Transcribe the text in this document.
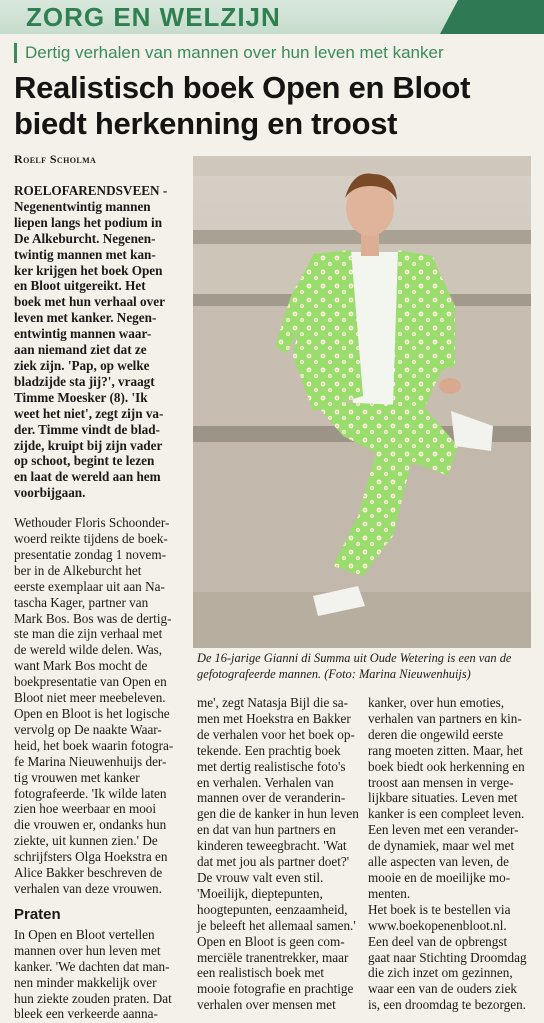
ZORG EN WELZIJN
Dertig verhalen van mannen over hun leven met kanker
Realistisch boek Open en Bloot biedt herkenning en troost
Roelf Scholma
ROELOFARENDSVEEN -
Negenentwintig mannen
liepen langs het podium in
De Alkeburcht. Negenen-
twintig mannen met kan-
ker krijgen het boek Open
en Bloot uitgereikt. Het
boek met hun verhaal over
leven met kanker. Negen-
entwintig mannen waar-
aan niemand ziet dat ze
ziek zijn. 'Pap, op welke
bladzijde sta jij?', vraagt
Timme Moesker (8). 'Ik
weet het niet', zegt zijn va-
der. Timme vindt de blad-
zijde, kruipt bij zijn vader
op schoot, begint te lezen
en laat de wereld aan hem
voorbijgaan.
Wethouder Floris Schoonder-
woerd reikte tijdens de boek-
presentatie zondag 1 novem-
ber in de Alkeburcht het
eerste exemplaar uit aan Na-
tascha Kager, partner van
Mark Bos. Bos was de dertig-
ste man die zijn verhaal met
de wereld wilde delen. Was,
want Mark Bos mocht de
boekpresentatie van Open en
Bloot niet meer meebeleven.
Open en Bloot is het logische
vervolg op De naakte Waar-
heid, het boek waarin fotogra-
fe Marina Nieuwenhuijs der-
tig vrouwen met kanker
fotografeerde. 'Ik wilde laten
zien hoe weerbaar en mooi
die vrouwen er, ondanks hun
ziekte, uit kunnen zien.' De
schrijfsters Olga Hoekstra en
Alice Bakker beschreven de
verhalen van deze vrouwen.
Praten
In Open en Bloot vertellen
mannen over hun leven met
kanker. 'We dachten dat man-
nen minder makkelijk over
hun ziekte zouden praten. Dat
bleek een verkeerde aanna-
De 16-jarige Gianni di Summa uit Oude Wetering is een van de gefotografeerde mannen. (Foto: Marina Nieuwenhuijs)
me', zegt Natasja Bijl die sa-
men met Hoekstra en Bakker
de verhalen voor het boek op-
tekende. Een prachtig boek
met dertig realistische foto's
en verhalen. Verhalen van
mannen over de veranderin-
gen die de kanker in hun leven
en dat van hun partners en
kinderen teweegbracht. 'Wat
dat met jou als partner doet?'
De vrouw valt even stil.
'Moeilijk, dieptepunten,
hoogtepunten, eenzaamheid,
je beleeft het allemaal samen.'
Open en Bloot is geen com-
merciële tranentrekker, maar
een realistisch boek met
mooie fotografie en prachtige
verhalen over mensen met
kanker, over hun emoties,
verhalen van partners en kin-
deren die ongewild eerste
rang moeten zitten. Maar, het
boek biedt ook herkenning en
troost aan mensen in verge-
lijkbare situaties. Leven met
kanker is een compleet leven.
Een leven met een verander-
de dynamiek, maar wel met
alle aspecten van leven, de
mooie en de moeilijke mo-
menten.
Het boek is te bestellen via
www.boekopenenbloot.nl.
Een deel van de opbrengst
gaat naar Stichting Droomdag
die zich inzet om gezinnen,
waar een van de ouders ziek
is, een droomdag te bezorgen.
